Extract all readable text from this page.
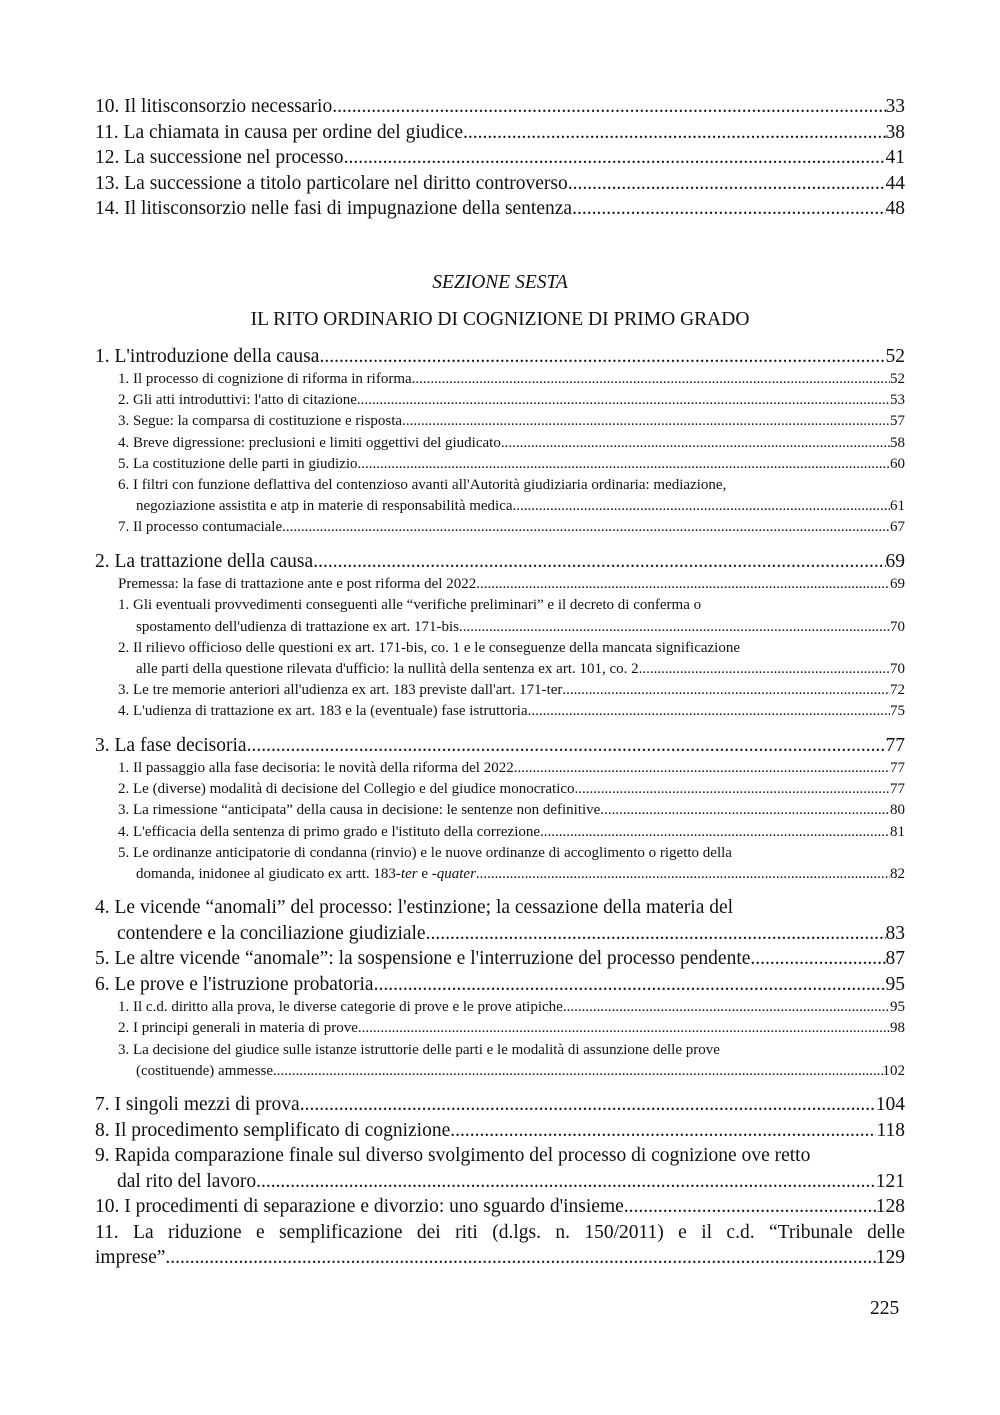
10. Il litisconsorzio necessario .....	33
11. La chiamata in causa per ordine del giudice .....	38
12. La successione nel processo .....	41
13. La successione a titolo particolare nel diritto controverso .....	44
14. Il litisconsorzio nelle fasi di impugnazione della sentenza .....	48
SEZIONE SESTA
IL RITO ORDINARIO DI COGNIZIONE DI PRIMO GRADO
1. L'introduzione della causa .....	52
1. Il processo di cognizione di riforma in riforma .....	52
2. Gli atti introduttivi: l'atto di citazione .....	53
3. Segue: la comparsa di costituzione e risposta .....	57
4. Breve digressione: preclusioni e limiti oggettivi del giudicato .....	58
5. La costituzione delle parti in giudizio .....	60
6. I filtri con funzione deflattiva del contenzioso avanti all'Autorità giudiziaria ordinaria: mediazione,
negoziazione assistita e atp in materie di responsabilità medica .....	61
7. Il processo contumaciale .....	67
2. La trattazione della causa .....	69
Premessa: la fase di trattazione ante e post riforma del 2022 .....	69
1. Gli eventuali provvedimenti conseguenti alle “verifiche preliminari” e il decreto di conferma o
spostamento dell'udienza di trattazione ex art. 171-bis .....	70
2. Il rilievo officioso delle questioni ex art. 171-bis, co. 1 e le conseguenze della mancata significazione
alle parti della questione rilevata d'ufficio: la nullità della sentenza ex art. 101, co. 2 .....	70
3. Le tre memorie anteriori all'udienza ex art. 183 previste dall'art. 171-ter .....	72
4. L'udienza di trattazione ex art. 183 e la (eventuale) fase istruttoria .....	75
3. La fase decisoria .....	77
1. Il passaggio alla fase decisoria: le novità della riforma del 2022 .....	77
2. Le (diverse) modalità di decisione del Collegio e del giudice monocratico .....	77
3. La rimessione “anticipata” della causa in decisione: le sentenze non definitive .....	80
4. L'efficacia della sentenza di primo grado e l'istituto della correzione .....	81
5. Le ordinanze anticipatorie di condanna (rinvio) e le nuove ordinanze di accoglimento o rigetto della
domanda, inidonee al giudicato ex artt. 183-ter e -quater .....	82
4. Le vicende “anomali” del processo: l'estinzione; la cessazione della materia del
contendere e la conciliazione giudiziale .....	83
5. Le altre vicende “anomale”: la sospensione e l'interruzione del processo pendente .....	87
6. Le prove e l'istruzione probatoria .....	95
1. Il c.d. diritto alla prova, le diverse categorie di prove e le prove atipiche .....	95
2. I principi generali in materia di prove .....	98
3. La decisione del giudice sulle istanze istruttorie delle parti e le modalità di assunzione delle prove
(costituende) ammesse .....	102
7. I singoli mezzi di prova .....	104
8. Il procedimento semplificato di cognizione .....	118
9. Rapida comparazione finale sul diverso svolgimento del processo di cognizione ove retto
dal rito del lavoro .....	121
10. I procedimenti di separazione e divorzio: uno sguardo d'insieme .....	128
11. La riduzione e semplificazione dei riti (d.lgs. n. 150/2011) e il c.d. “Tribunale delle
imprese” .....	129
225
